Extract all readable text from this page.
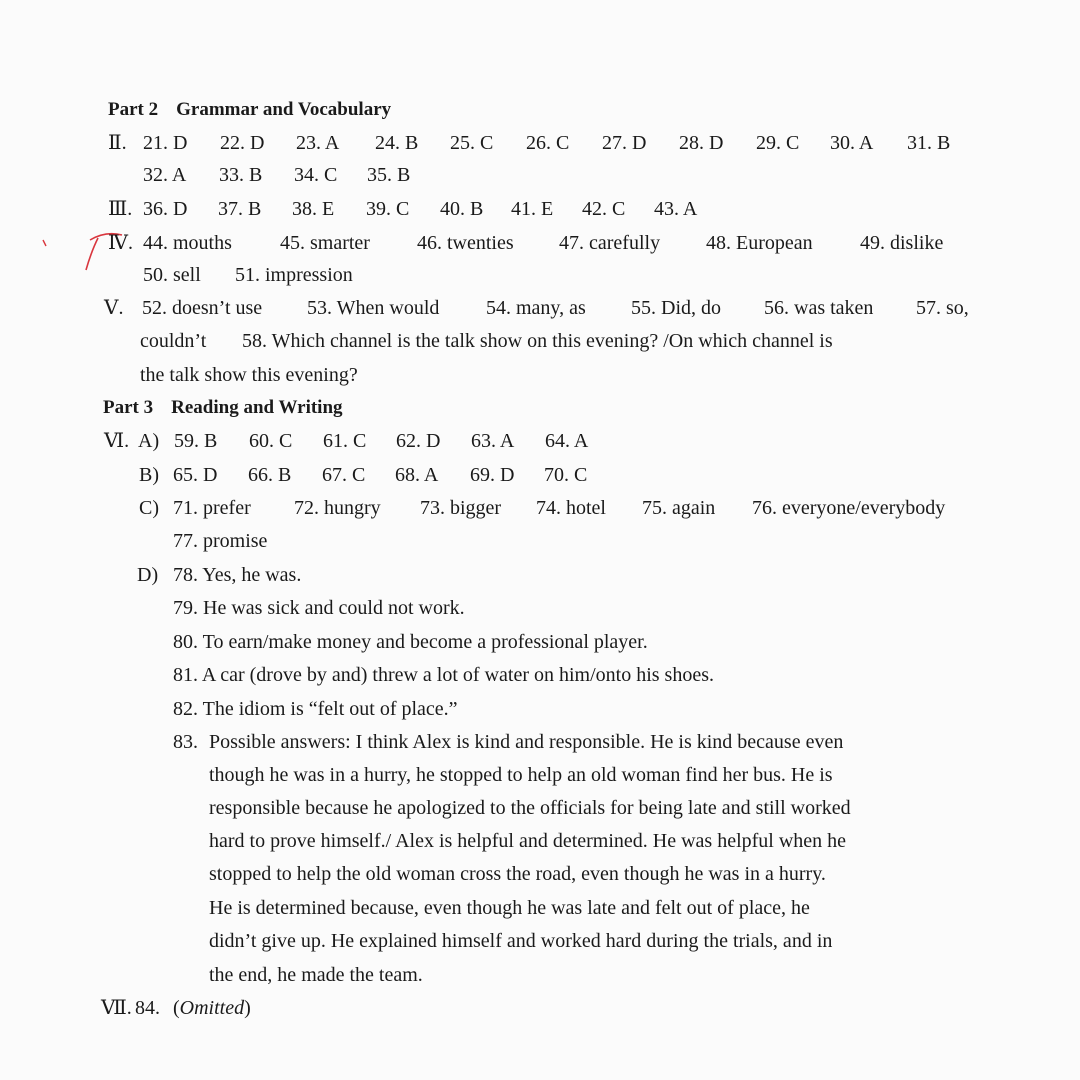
Part 2 Grammar and Vocabulary
Ⅱ. 21. D 22. D 23. A 24. B 25. C 26. C 27. D 28. D 29. C 30. A 31. B
32. A 33. B 34. C 35. B
Ⅲ. 36. D 37. B 38. E 39. C 40. B 41. E 42. C 43. A
Ⅳ. 44. mouths 45. smarter 46. twenties 47. carefully 48. European 49. dislike
50. sell 51. impression
Ⅴ. 52. doesn’t use 53. When would 54. many, as 55. Did, do 56. was taken 57. so,
couldn’t 58. Which channel is the talk show on this evening? /On which channel is
the talk show this evening?
Part 3 Reading and Writing
Ⅵ. A) 59. B 60. C 61. C 62. D 63. A 64. A
B) 65. D 66. B 67. C 68. A 69. D 70. C
C) 71. prefer 72. hungry 73. bigger 74. hotel 75. again 76. everyone/everybody
77. promise
D) 78. Yes, he was.
79. He was sick and could not work.
80. To earn/make money and become a professional player.
81. A car (drove by and) threw a lot of water on him/onto his shoes.
82. The idiom is “felt out of place.”
83. Possible answers: I think Alex is kind and responsible. He is kind because even
though he was in a hurry, he stopped to help an old woman find her bus. He is
responsible because he apologized to the officials for being late and still worked
hard to prove himself./ Alex is helpful and determined. He was helpful when he
stopped to help the old woman cross the road, even though he was in a hurry.
He is determined because, even though he was late and felt out of place, he
didn’t give up. He explained himself and worked hard during the trials, and in
the end, he made the team.
Ⅶ. 84. (Omitted)
